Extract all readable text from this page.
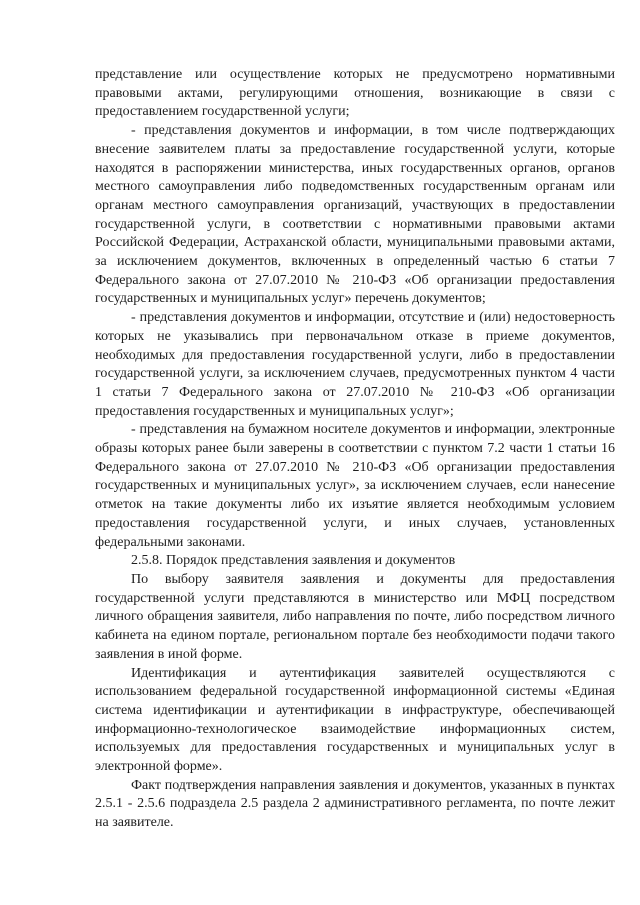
представление или осуществление которых не предусмотрено нормативными правовыми актами, регулирующими отношения, возникающие в связи с предоставлением государственной услуги;

- представления документов и информации, в том числе подтверждающих внесение заявителем платы за предоставление государственной услуги, которые находятся в распоряжении министерства, иных государственных органов, органов местного самоуправления либо подведомственных государственным органам или органам местного самоуправления организаций, участвующих в предоставлении государственной услуги, в соответствии с нормативными правовыми актами Российской Федерации, Астраханской области, муниципальными правовыми актами, за исключением документов, включенных в определенный частью 6 статьи 7 Федерального закона от 27.07.2010 № 210-ФЗ «Об организации предоставления государственных и муниципальных услуг» перечень документов;

- представления документов и информации, отсутствие и (или) недостоверность которых не указывались при первоначальном отказе в приеме документов, необходимых для предоставления государственной услуги, либо в предоставлении государственной услуги, за исключением случаев, предусмотренных пунктом 4 части 1 статьи 7 Федерального закона от 27.07.2010 № 210-ФЗ «Об организации предоставления государственных и муниципальных услуг»;

- представления на бумажном носителе документов и информации, электронные образы которых ранее были заверены в соответствии с пунктом 7.2 части 1 статьи 16 Федерального закона от 27.07.2010 № 210-ФЗ «Об организации предоставления государственных и муниципальных услуг», за исключением случаев, если нанесение отметок на такие документы либо их изъятие является необходимым условием предоставления государственной услуги, и иных случаев, установленных федеральными законами.

2.5.8. Порядок представления заявления и документов

По выбору заявителя заявления и документы для предоставления государственной услуги представляются в министерство или МФЦ посредством личного обращения заявителя, либо направления по почте, либо посредством личного кабинета на едином портале, региональном портале без необходимости подачи такого заявления в иной форме.

Идентификация и аутентификация заявителей осуществляются с использованием федеральной государственной информационной системы «Единая система идентификации и аутентификации в инфраструктуре, обеспечивающей информационно-технологическое взаимодействие информационных систем, используемых для предоставления государственных и муниципальных услуг в электронной форме».

Факт подтверждения направления заявления и документов, указанных в пунктах 2.5.1 - 2.5.6 подраздела 2.5 раздела 2 административного регламента, по почте лежит на заявителе.
